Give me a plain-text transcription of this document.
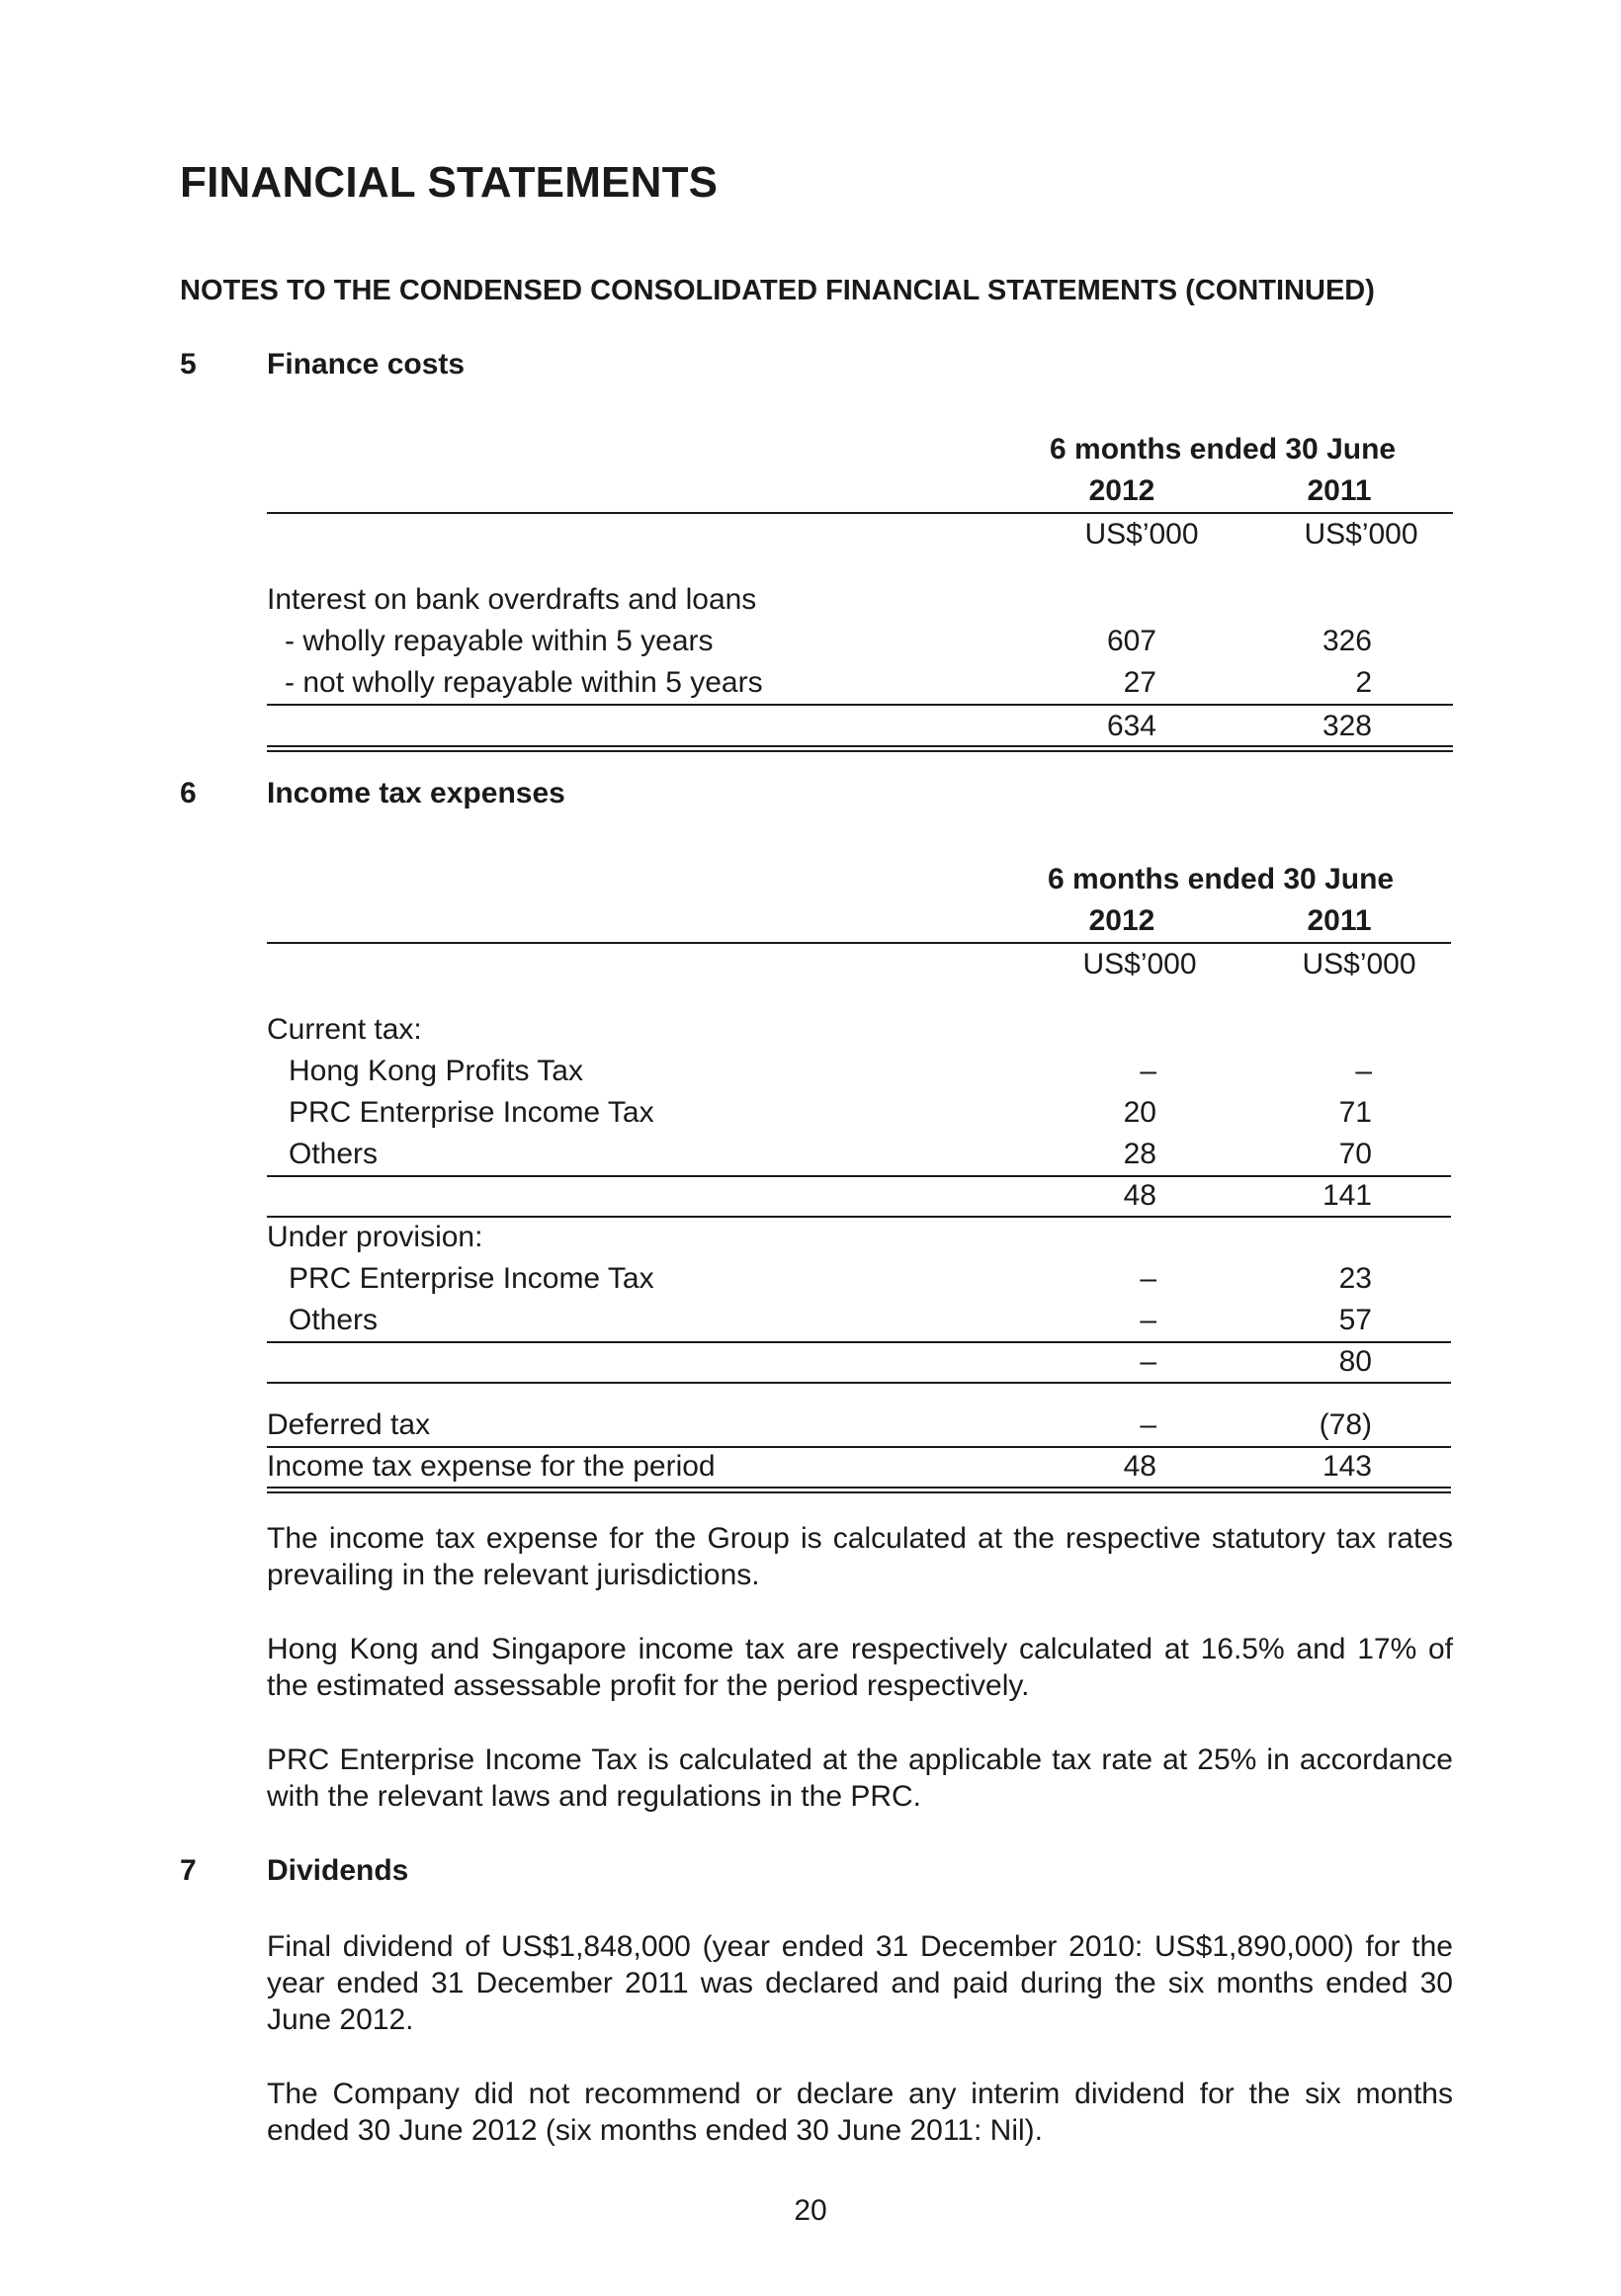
FINANCIAL STATEMENTS
NOTES TO THE CONDENSED CONSOLIDATED FINANCIAL STATEMENTS (CONTINUED)
5 Finance costs
6 months ended 30 June
2012	2011
US$’000	US$’000
Interest on bank overdrafts and loans
- wholly repayable within 5 years	607	326
- not wholly repayable within 5 years	27	2
634	328
6 Income tax expenses
6 months ended 30 June
2012	2011
US$’000	US$’000
Current tax:
Hong Kong Profits Tax	–	–
PRC Enterprise Income Tax	20	71
Others	28	70
48	141
Under provision:
PRC Enterprise Income Tax	–	23
Others	–	57
–	80
Deferred tax	–	(78)
Income tax expense for the period	48	143
The income tax expense for the Group is calculated at the respective statutory tax rates prevailing in the relevant jurisdictions.
Hong Kong and Singapore income tax are respectively calculated at 16.5% and 17% of the estimated assessable profit for the period respectively.
PRC Enterprise Income Tax is calculated at the applicable tax rate at 25% in accordance with the relevant laws and regulations in the PRC.
7 Dividends
Final dividend of US$1,848,000 (year ended 31 December 2010: US$1,890,000) for the year ended 31 December 2011 was declared and paid during the six months ended 30 June 2012.
The Company did not recommend or declare any interim dividend for the six months ended 30 June 2012 (six months ended 30 June 2011: Nil).
20
